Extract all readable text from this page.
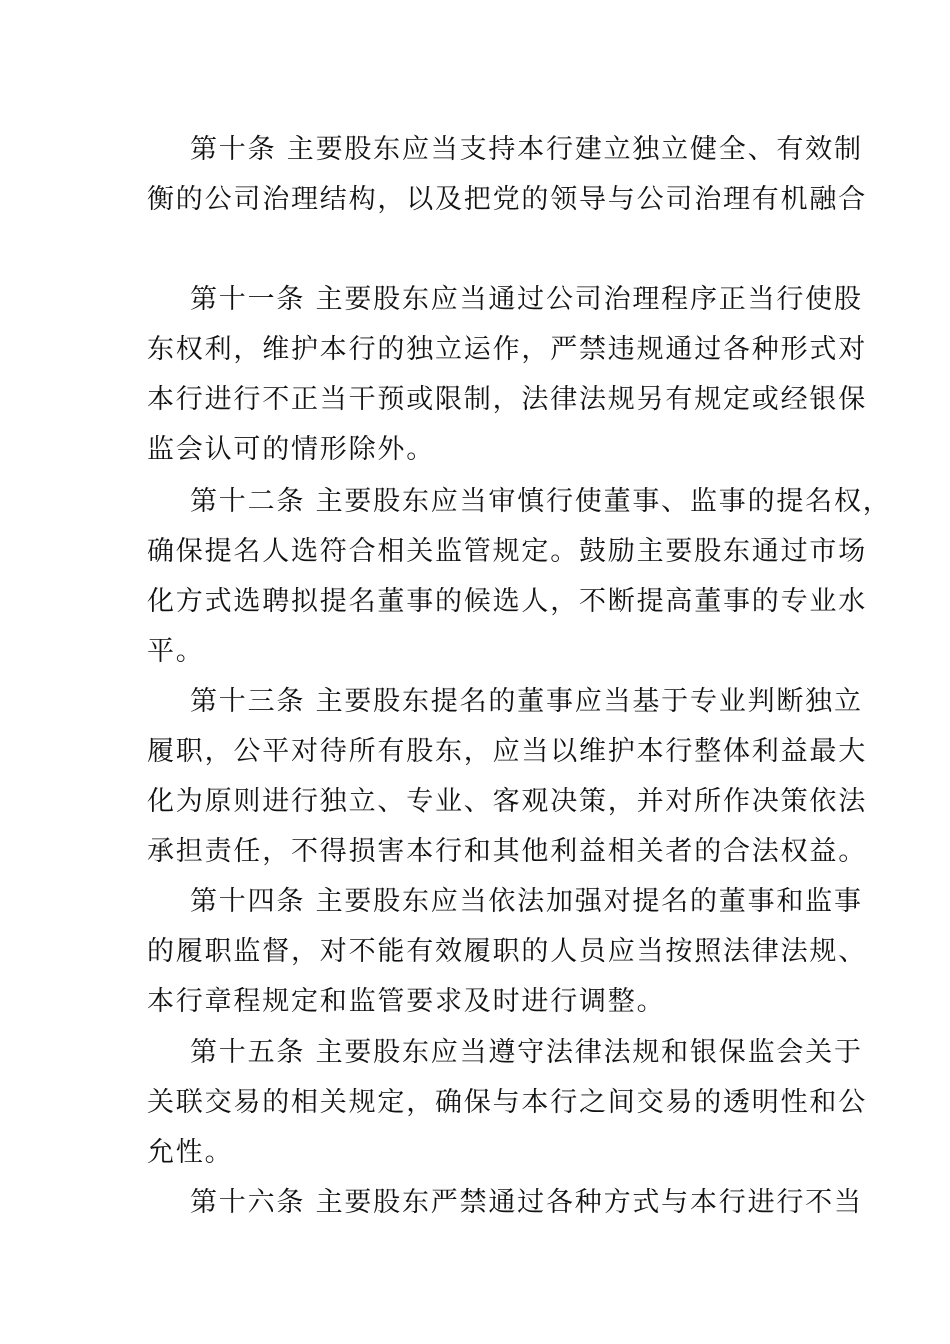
第十条 主要股东应当支持本行建立独立健全、有效制
衡的公司治理结构，以及把党的领导与公司治理有机融合
第十一条 主要股东应当通过公司治理程序正当行使股
东权利，维护本行的独立运作，严禁违规通过各种形式对
本行进行不正当干预或限制，法律法规另有规定或经银保
监会认可的情形除外。
第十二条 主要股东应当审慎行使董事、监事的提名权，
确保提名人选符合相关监管规定。鼓励主要股东通过市场
化方式选聘拟提名董事的候选人，不断提高董事的专业水
平。
第十三条 主要股东提名的董事应当基于专业判断独立
履职，公平对待所有股东，应当以维护本行整体利益最大
化为原则进行独立、专业、客观决策，并对所作决策依法
承担责任，不得损害本行和其他利益相关者的合法权益。
第十四条 主要股东应当依法加强对提名的董事和监事
的履职监督，对不能有效履职的人员应当按照法律法规、
本行章程规定和监管要求及时进行调整。
第十五条 主要股东应当遵守法律法规和银保监会关于
关联交易的相关规定，确保与本行之间交易的透明性和公
允性。
第十六条 主要股东严禁通过各种方式与本行进行不当
